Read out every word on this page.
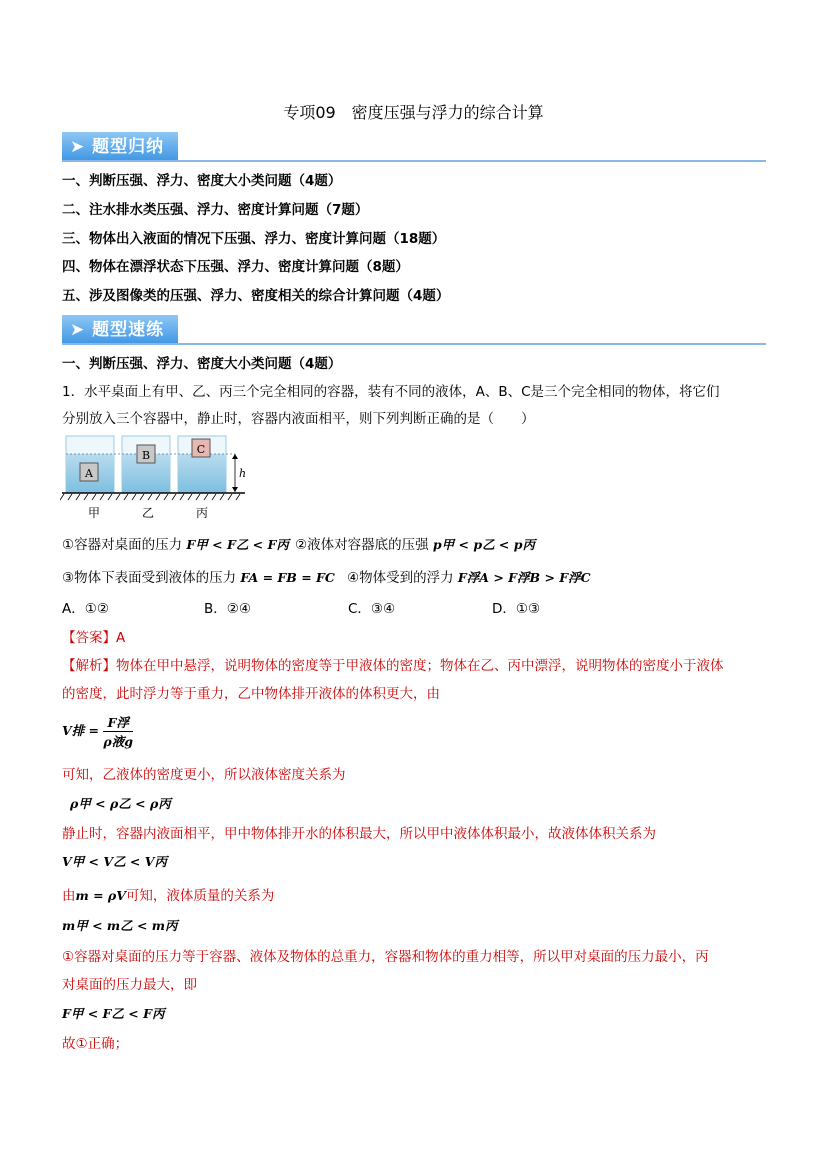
专项09　密度压强与浮力的综合计算
➤ 题型归纳
一、判断压强、浮力、密度大小类问题（4题）
二、注水排水类压强、浮力、密度计算问题（7题）
三、物体出入液面的情况下压强、浮力、密度计算问题（18题）
四、物体在漂浮状态下压强、浮力、密度计算问题（8题）
五、涉及图像类的压强、浮力、密度相关的综合计算问题（4题）
➤ 题型速练
一、判断压强、浮力、密度大小类问题（4题）
1．水平桌面上有甲、乙、丙三个完全相同的容器，装有不同的液体，A、B、C是三个完全相同的物体，将它们
分别放入三个容器中，静止时，容器内液面相平，则下列判断正确的是（　　）
A
B	C
h
甲	乙	丙
①容器对桌面的压力 F甲 < F乙 < F丙 ②液体对容器底的压强 p甲 < p乙 < p丙
③物体下表面受到液体的压力 FA = FB = FC ④物体受到的浮力 F浮A > F浮B > F浮C
A．①②	B．②④	C．③④	D．①③
【答案】A
【解析】物体在甲中悬浮，说明物体的密度等于甲液体的密度；物体在乙、丙中漂浮，说明物体的密度小于液体
的密度，此时浮力等于重力，乙中物体排开液体的体积更大，由
V排 = $\frac{\text{F浮}}{\text{ρ液g}}$
可知，乙液体的密度更小，所以液体密度关系为
ρ甲 < ρ乙 < ρ丙
静止时，容器内液面相平，甲中物体排开水的体积最大，所以甲中液体体积最小，故液体体积关系为
V甲 < V乙 < V丙
由m = ρV可知，液体质量的关系为
m甲 < m乙 < m丙
①容器对桌面的压力等于容器、液体及物体的总重力，容器和物体的重力相等，所以甲对桌面的压力最小，丙
对桌面的压力最大，即
F甲 < F乙 < F丙
故①正确；
